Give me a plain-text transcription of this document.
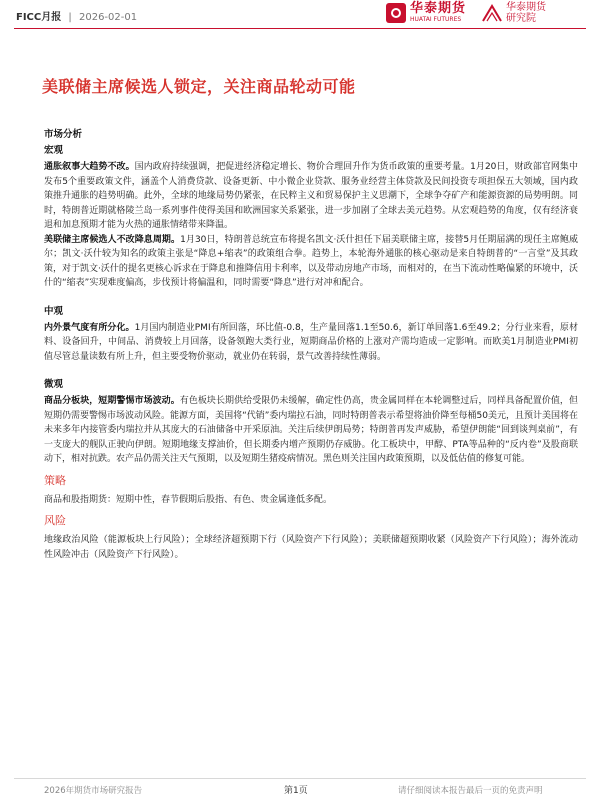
FICC月报 | 2026-02-01
华泰期货
HUATAI FUTURES
华泰期货
研究院
美联储主席候选人锁定，关注商品轮动可能
市场分析
宏观

通胀叙事大趋势不改。国内政府持续强调，把促进经济稳定增长、物价合理回升作为货币政策的重要考量。1月20日，财政部官网集中发布5个重要政策文件，涵盖个人消费贷款、设备更新、中小微企业贷款、服务业经营主体贷款及民间投资专项担保五大领域，国内政策推升通胀的趋势明确。此外，全球的地缘局势仍紧张，在民粹主义和贸易保护主义思潮下，全球争夺矿产和能源资源的局势明朗。同时，特朗普近期就格陵兰岛一系列事件使得美国和欧洲国家关系紧张，进一步加剧了全球去美元趋势。从宏观趋势的角度，仅有经济衰退和加息预期才能为火热的通胀情绪带来降温。

美联储主席候选人不改降息周期。1月30日，特朗普总统宣布将提名凯文·沃什担任下届美联储主席，接替5月任期届满的现任主席鲍威尔；凯文·沃什较为知名的政策主张是“降息+缩表”的政策组合拳。趋势上，本轮海外通胀的核心驱动是来自特朗普的“一言堂”及其政策，对于凯文·沃什的提名更核心诉求在于降息和推降信用卡利率，以及带动房地产市场，而相对的，在当下流动性略偏紧的环境中，沃什的“缩表”实现难度偏高，步伐预计将偏温和，同时需要“降息”进行对冲和配合。

中观

内外景气度有所分化。1月国内制造业PMI有所回落，环比值-0.8，生产量回落1.1至50.6，新订单回落1.6至49.2；分行业来看，原材料、设备回升，中间品、消费较上月回落，设备领跑大类行业，短期商品价格的上涨对产需均造成一定影响。而欧美1月制造业PMI初值尽管总量读数有所上升，但主要受物价驱动，就业仍在转弱，景气改善持续性薄弱。

微观

商品分板块，短期警惕市场波动。有色板块长期供给受限仍未缓解，确定性仍高，贵金属同样在本轮调整过后，同样具备配置价值，但短期仍需要警惕市场波动风险。能源方面，美国将“代销”委内瑞拉石油，同时特朗普表示希望将油价降至每桶50美元，且预计美国将在未来多年内接管委内瑞拉并从其庞大的石油储备中开采原油。关注后续伊朗局势；特朗普再发声威胁，希望伊朗能“回到谈判桌前”，有一支庞大的舰队正驶向伊朗。短期地缘支撑油价，但长期委内增产预期仍存威胁。化工板块中，甲醇、PTA等品种的“反内卷”及股商联动下，相对抗跌。农产品仍需关注天气预期，以及短期生猪疫病情况。黑色则关注国内政策预期，以及低估值的修复可能。

策略

商品和股指期货：短期中性，春节假期后股指、有色、贵金属逢低多配。

风险

地缘政治风险（能源板块上行风险）；全球经济超预期下行（风险资产下行风险）；美联储超预期收紧（风险资产下行风险）；海外流动性风险冲击（风险资产下行风险）。

2026年期货市场研究报告	第1页	请仔细阅读本报告最后一页的免责声明
